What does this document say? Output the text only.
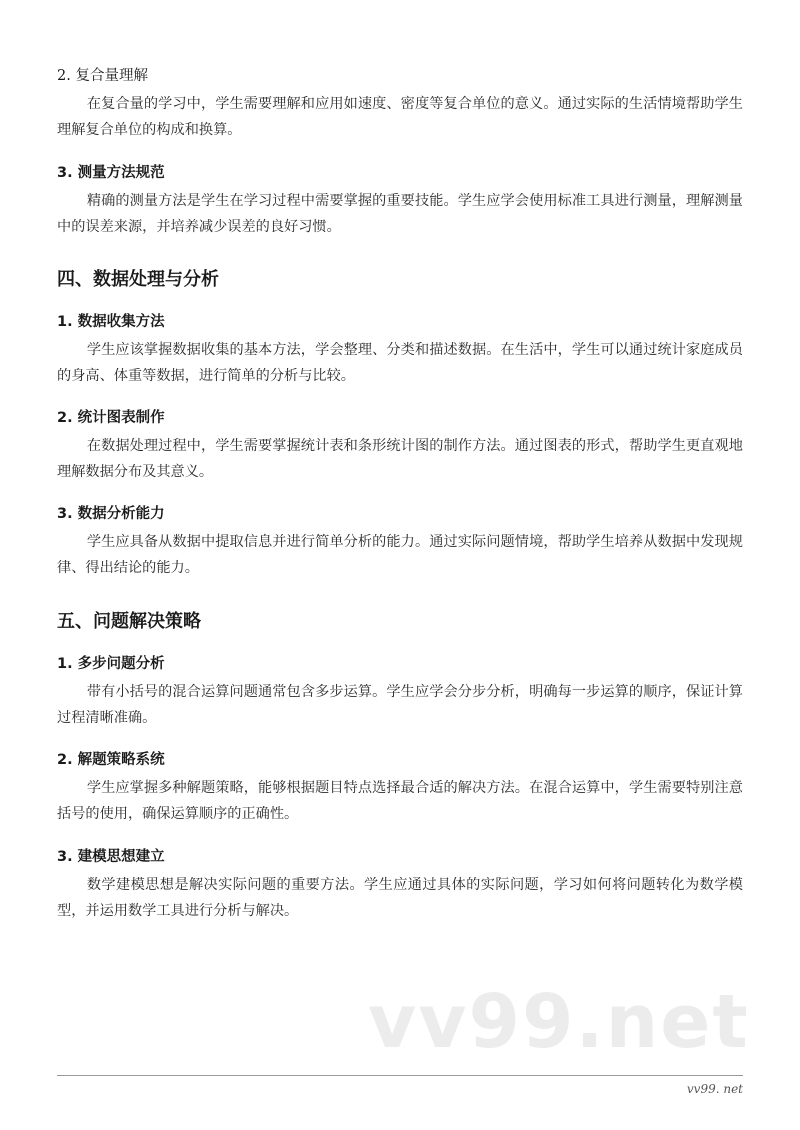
2. 复合量理解

在复合量的学习中，学生需要理解和应用如速度、密度等复合单位的意义。通过实际的生活情境帮助学生理解复合单位的构成和换算。

3. 测量方法规范

精确的测量方法是学生在学习过程中需要掌握的重要技能。学生应学会使用标准工具进行测量，理解测量中的误差来源，并培养减少误差的良好习惯。

四、数据处理与分析
1. 数据收集方法

学生应该掌握数据收集的基本方法，学会整理、分类和描述数据。在生活中，学生可以通过统计家庭成员的身高、体重等数据，进行简单的分析与比较。

2. 统计图表制作

在数据处理过程中，学生需要掌握统计表和条形统计图的制作方法。通过图表的形式，帮助学生更直观地理解数据分布及其意义。

3. 数据分析能力

学生应具备从数据中提取信息并进行简单分析的能力。通过实际问题情境，帮助学生培养从数据中发现规律、得出结论的能力。

五、问题解决策略
1. 多步问题分析

带有小括号的混合运算问题通常包含多步运算。学生应学会分步分析，明确每一步运算的顺序，保证计算过程清晰准确。

2. 解题策略系统

学生应掌握多种解题策略，能够根据题目特点选择最合适的解决方法。在混合运算中，学生需要特别注意括号的使用，确保运算顺序的正确性。

3. 建模思想建立

数学建模思想是解决实际问题的重要方法。学生应通过具体的实际问题，学习如何将问题转化为数学模型，并运用数学工具进行分析与解决。

vv99.net
vv99. net
